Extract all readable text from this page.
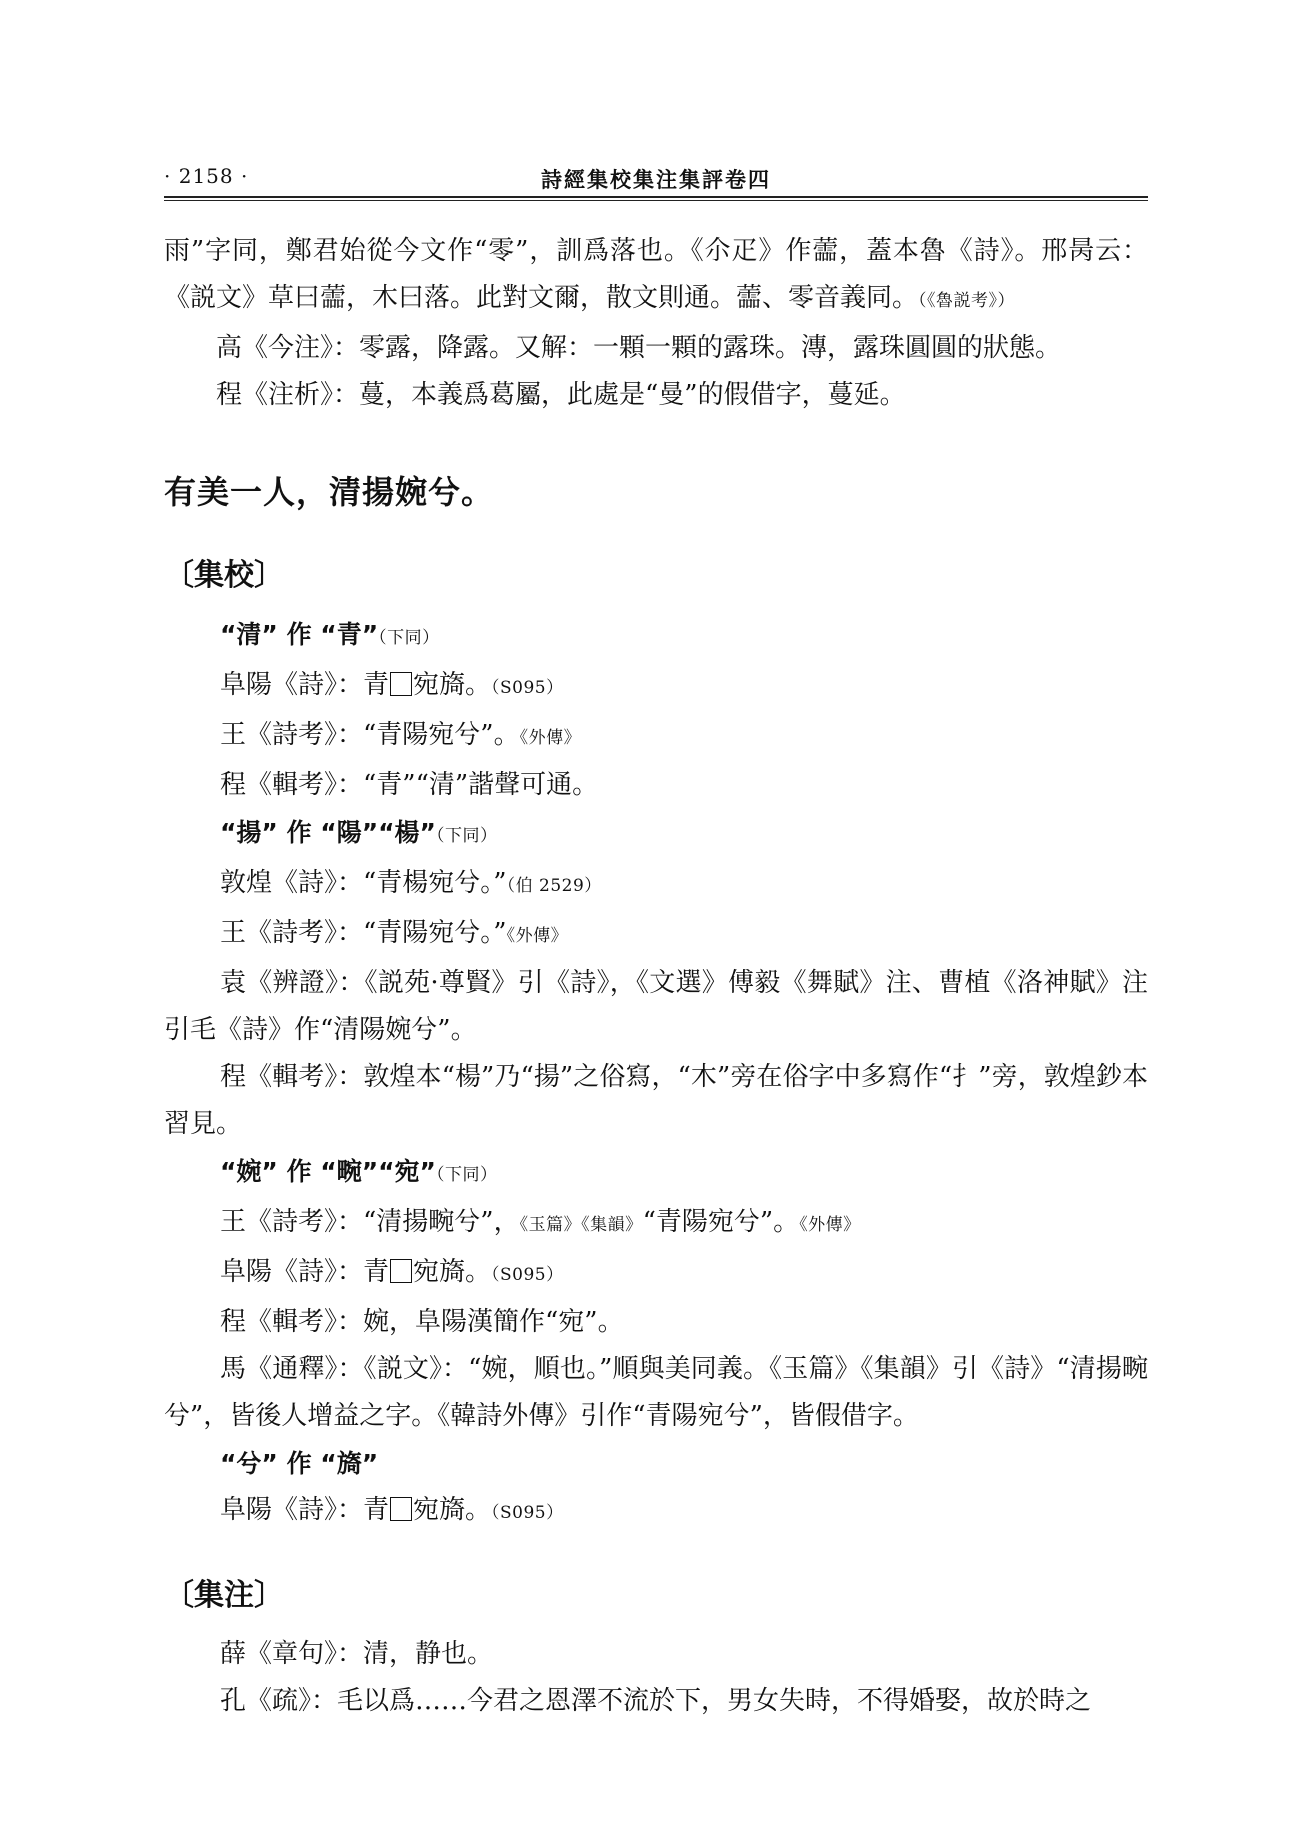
· 2158 ·	詩經集校集注集評卷四

雨”字同，鄭君始從今文作“零”，訓爲落也。《尒疋》作蘦，蓋本魯《詩》。邢昺云：《説文》草曰蘦，木曰落。此對文爾，散文則通。蘦、零音義同。（《魯説考》）

高《今注》：零露，降露。又解：一顆一顆的露珠。漙，露珠圓圓的狀態。

程《注析》：蔓，本義爲葛屬，此處是“曼”的假借字，蔓延。

有美一人，清揚婉兮。
〔集校〕

“清” 作 “青”（下同）

阜陽《詩》：青 宛旖。（S095）

王《詩考》：“青陽宛兮”。《外傳》

程《輯考》：“青”“清”諧聲可通。

“揚” 作 “陽”“楊”（下同）

敦煌《詩》：“青楊宛兮。”（伯 2529）

王《詩考》：“青陽宛兮。”《外傳》

袁《辨證》：《説苑·尊賢》引《詩》，《文選》傅毅《舞賦》注、曹植《洛神賦》注引毛《詩》作“清陽婉兮”。

程《輯考》：敦煌本“楊”乃“揚”之俗寫，“木”旁在俗字中多寫作“扌”旁，敦煌鈔本習見。

“婉” 作 “畹”“宛”（下同）

王《詩考》：“清揚畹兮”，《玉篇》《集韻》“青陽宛兮”。《外傳》

阜陽《詩》：青 宛旖。（S095）

程《輯考》：婉，阜陽漢簡作“宛”。

馬《通釋》：《説文》：“婉，順也。”順與美同義。《玉篇》《集韻》引《詩》“清揚畹兮”，皆後人增益之字。《韓詩外傳》引作“青陽宛兮”，皆假借字。

“兮” 作 “旖”

阜陽《詩》：青 宛旖。（S095）

〔集注〕

薛《章句》：清，静也。

孔《疏》：毛以爲……今君之恩澤不流於下，男女失時，不得婚娶，故於時之
